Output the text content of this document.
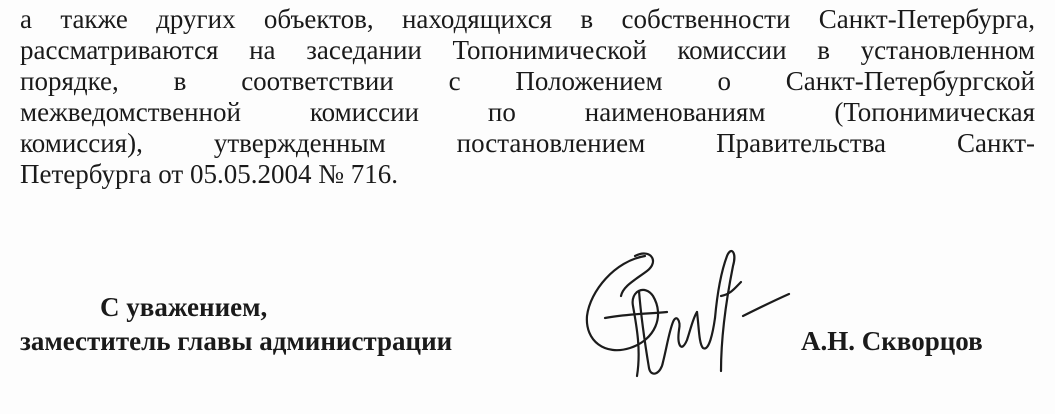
а также других объектов, находящихся в собственности Санкт-Петербурга,
рассматриваются на заседании Топонимической комиссии в установленном
порядке, в соответствии с Положением о Санкт-Петербургской
межведомственной комиссии по наименованиям (Топонимическая
комиссия), утвержденным постановлением Правительства Санкт-
Петербурга от 05.05.2004 № 716.
С уважением,
заместитель главы администрации	А.Н. Скворцов
